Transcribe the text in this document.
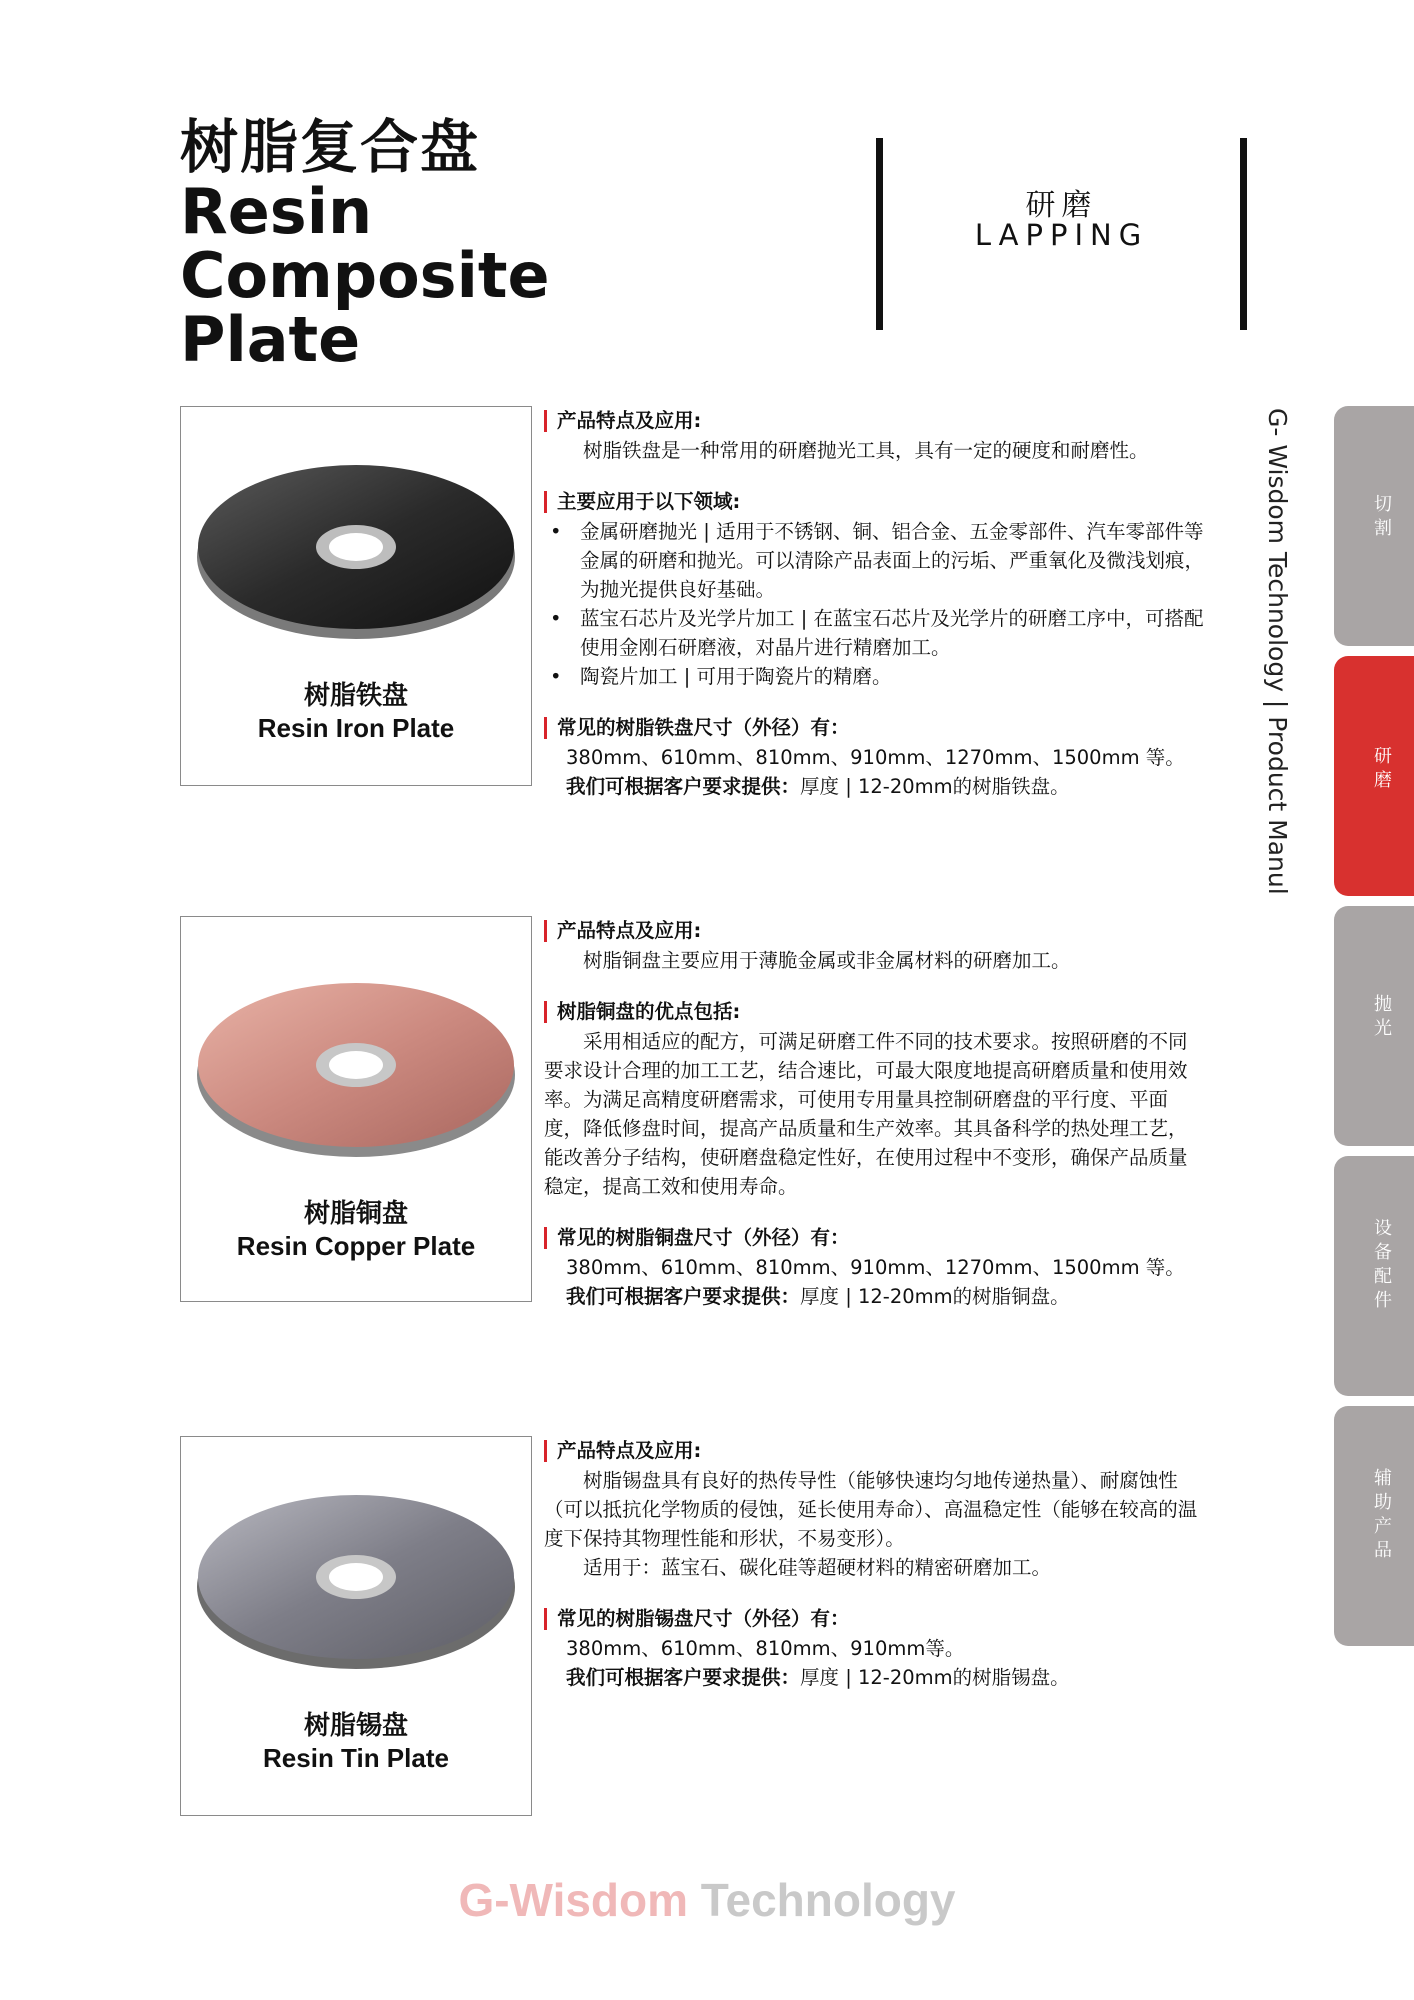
树脂复合盘
Resin Composite Plate
研磨
LAPPING
G- Wisdom Technology | Product Manul	切割
研磨
抛光
设备配件
辅助产品
树脂铁盘
Resin Iron Plate
产品特点及应用:
树脂铁盘是一种常用的研磨抛光工具，具有一定的硬度和耐磨性。
主要应用于以下领域:
• 金属研磨抛光 | 适用于不锈钢、铜、铝合金、五金零部件、汽车零部件等金属的研磨和抛光。可以清除产品表面上的污垢、严重氧化及微浅划痕，为抛光提供良好基础。
• 蓝宝石芯片及光学片加工 | 在蓝宝石芯片及光学片的研磨工序中，可搭配使用金刚石研磨液，对晶片进行精磨加工。
• 陶瓷片加工 | 可用于陶瓷片的精磨。
常见的树脂铁盘尺寸（外径）有：
380mm、610mm、810mm、910mm、1270mm、1500mm 等。
我们可根据客户要求提供：厚度 | 12-20mm的树脂铁盘。
树脂铜盘
Resin Copper Plate
产品特点及应用:
树脂铜盘主要应用于薄脆金属或非金属材料的研磨加工。
树脂铜盘的优点包括:
采用相适应的配方，可满足研磨工件不同的技术要求。按照研磨的不同要求设计合理的加工工艺，结合速比，可最大限度地提高研磨质量和使用效率。为满足高精度研磨需求，可使用专用量具控制研磨盘的平行度、平面度，降低修盘时间，提高产品质量和生产效率。其具备科学的热处理工艺，能改善分子结构，使研磨盘稳定性好，在使用过程中不变形，确保产品质量稳定，提高工效和使用寿命。
常见的树脂铜盘尺寸（外径）有：
380mm、610mm、810mm、910mm、1270mm、1500mm 等。
我们可根据客户要求提供：厚度 | 12-20mm的树脂铜盘。
树脂锡盘
Resin Tin Plate
产品特点及应用:
树脂锡盘具有良好的热传导性（能够快速均匀地传递热量）、耐腐蚀性（可以抵抗化学物质的侵蚀，延长使用寿命）、高温稳定性（能够在较高的温度下保持其物理性能和形状，不易变形）。
适用于：蓝宝石、碳化硅等超硬材料的精密研磨加工。
常见的树脂锡盘尺寸（外径）有：
380mm、610mm、810mm、910mm等。
我们可根据客户要求提供：厚度 | 12-20mm的树脂锡盘。
G-Wisdom Technology
